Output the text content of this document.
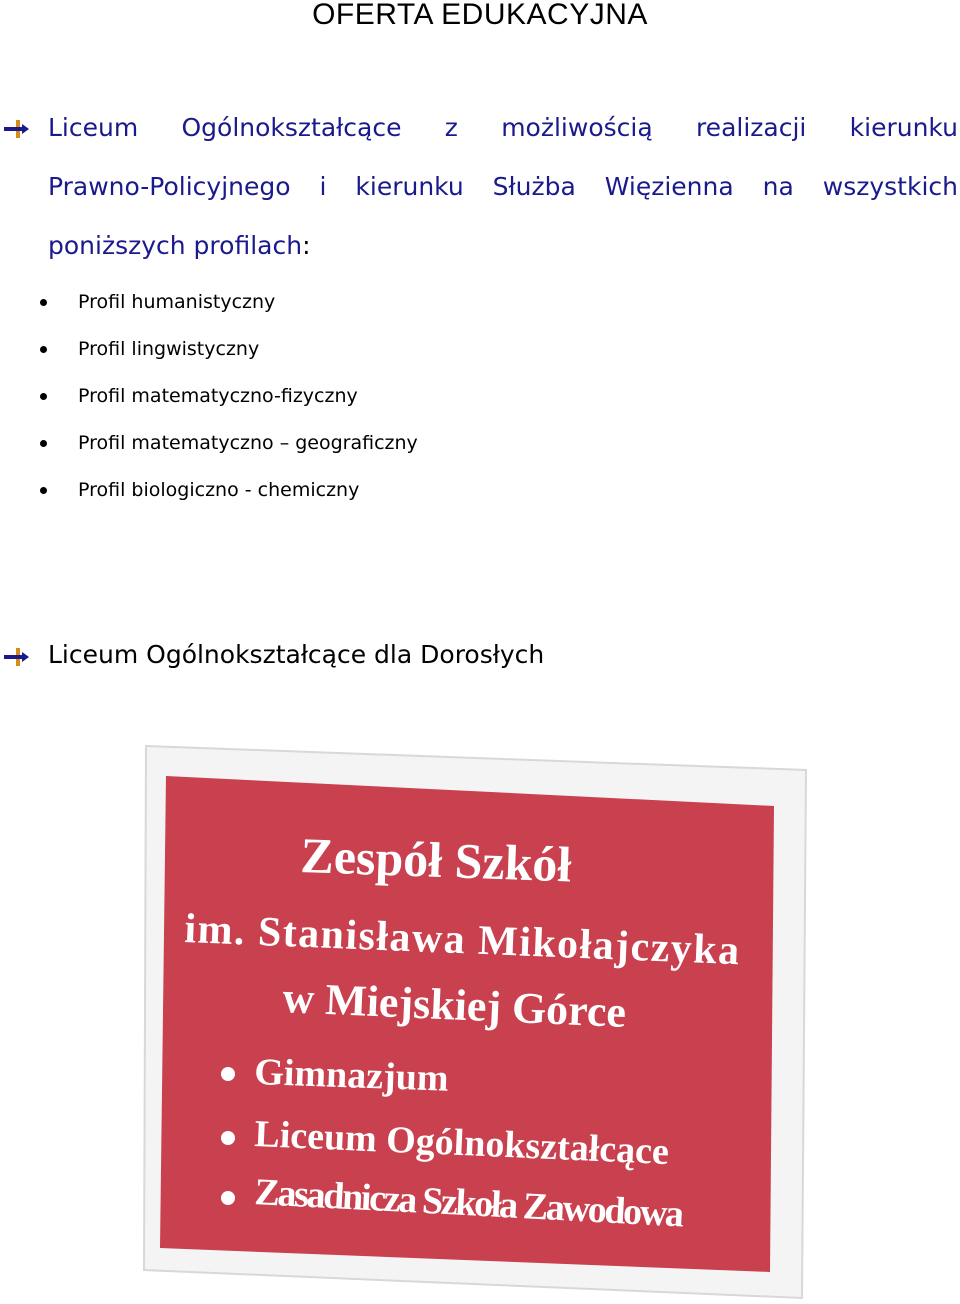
OFERTA EDUKACYJNA
Liceum Ogólnokształcące z możliwością realizacji kierunku
Prawno-Policyjnego i kierunku Służba Więzienna na wszystkich
poniższych profilach:
Profil humanistyczny
Profil lingwistyczny
Profil matematyczno-fizyczny
Profil matematyczno – geograficzny
Profil biologiczno - chemiczny
Liceum Ogólnokształcące dla Dorosłych
Zespół Szkół
im. Stanisława Mikołajczyka
w Miejskiej Górce
Gimnazjum
Liceum Ogólnokształcące
Zasadnicza Szkoła Zawodowa
